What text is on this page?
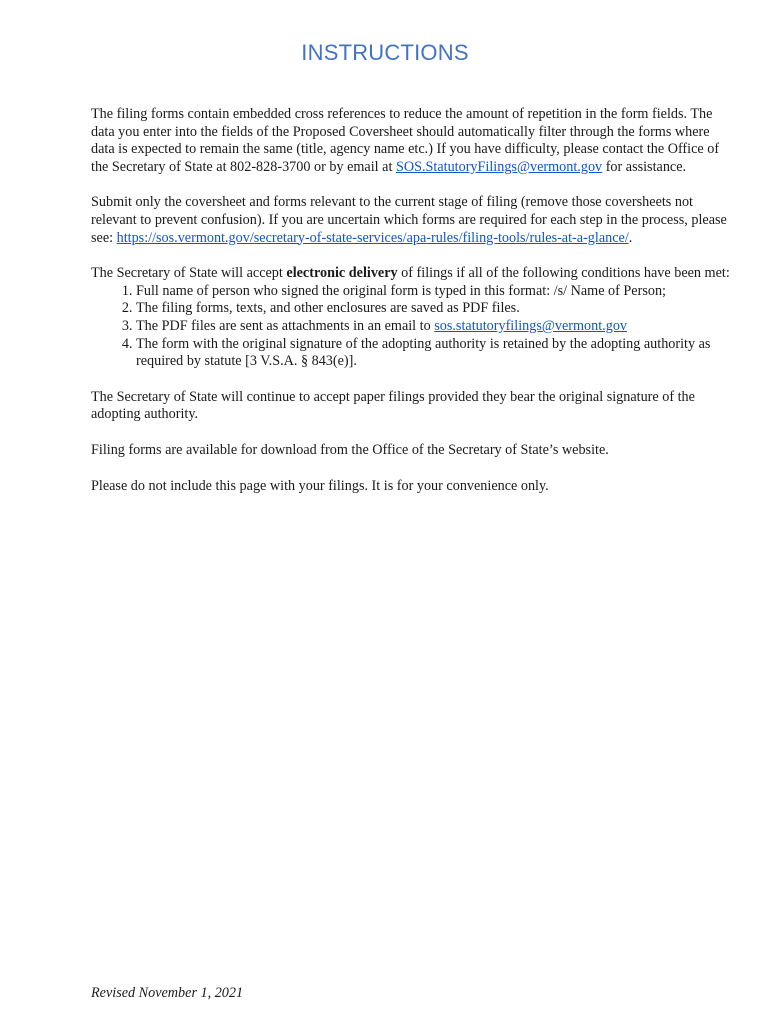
INSTRUCTIONS

The filing forms contain embedded cross references to reduce the amount of repetition in the form fields. The data you enter into the fields of the Proposed Coversheet should automatically filter through the forms where data is expected to remain the same (title, agency name etc.) If you have difficulty, please contact the Office of the Secretary of State at 802-828-3700 or by email at SOS.StatutoryFilings@vermont.gov for assistance.

Submit only the coversheet and forms relevant to the current stage of filing (remove those coversheets not relevant to prevent confusion). If you are uncertain which forms are required for each step in the process, please see: https://sos.vermont.gov/secretary-of-state-services/apa-rules/filing-tools/rules-at-a-glance/.

The Secretary of State will accept electronic delivery of filings if all of the following conditions have been met:
1. Full name of person who signed the original form is typed in this format: /s/ Name of Person;
2. The filing forms, texts, and other enclosures are saved as PDF files.
3. The PDF files are sent as attachments in an email to sos.statutoryfilings@vermont.gov
4. The form with the original signature of the adopting authority is retained by the adopting authority as required by statute [3 V.S.A. § 843(e)].

The Secretary of State will continue to accept paper filings provided they bear the original signature of the adopting authority.

Filing forms are available for download from the Office of the Secretary of State’s website.

Please do not include this page with your filings. It is for your convenience only.

Revised November 1, 2021
